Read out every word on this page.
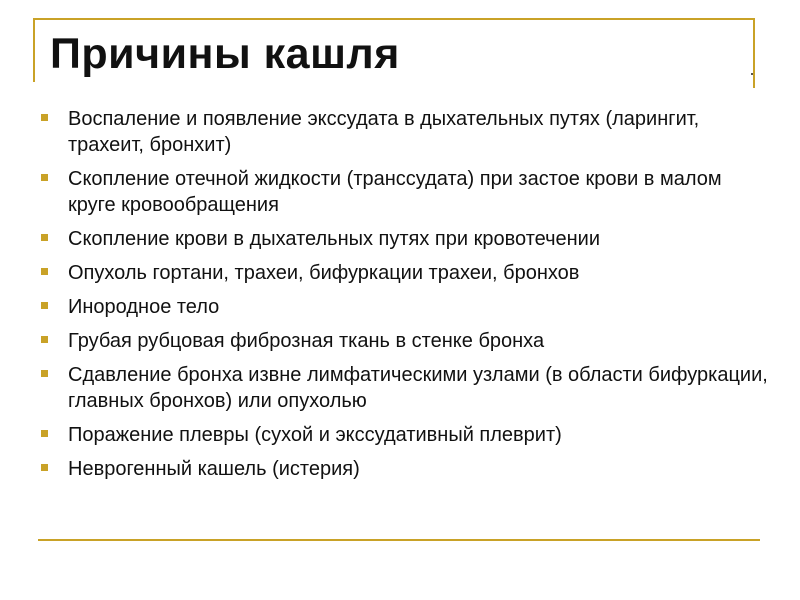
Причины кашля
Воспаление и появление экссудата в дыхательных путях (ларингит, трахеит, бронхит)
Скопление отечной жидкости (транссудата) при застое крови в малом круге кровообращения
Скопление крови в дыхательных путях при кровотечении
Опухоль гортани, трахеи, бифуркации трахеи, бронхов
Инородное тело
Грубая рубцовая фиброзная ткань в стенке бронха
Сдавление бронха извне лимфатическими узлами (в области бифуркации, главных бронхов) или опухолью
Поражение плевры (сухой и экссудативный плеврит)
Неврогенный кашель (истерия)
